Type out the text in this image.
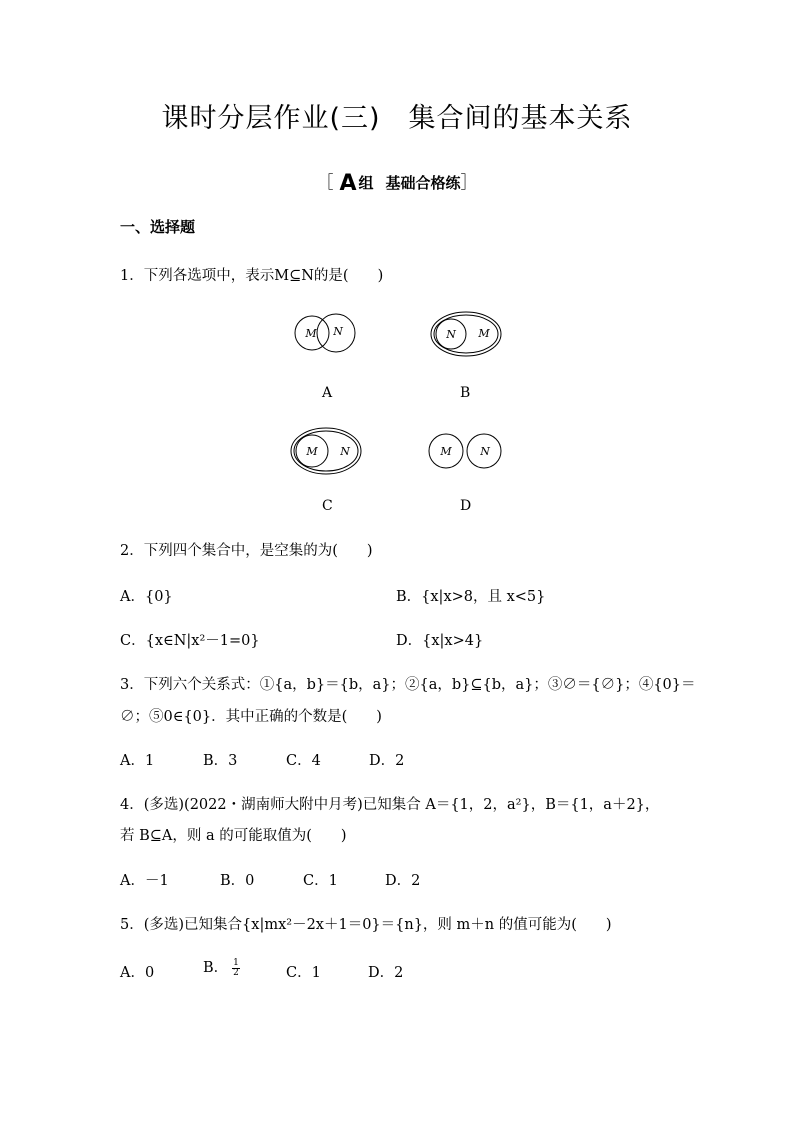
课时分层作业(三)　集合间的基本关系
［ A 组 基础合格练］
一、选择题
1．下列各选项中，表示M⊆N的是(　　)
M N
A
N M
B
M N
C
M	N
D
2．下列四个集合中，是空集的为(　　)
A．{0}	B．{x|x>8，且 x<5}
C．{x∈N|x²－1=0}	D．{x|x>4}
3．下列六个关系式：①{a，b}＝{b，a}；②{a，b}⊆{b，a}；③∅＝{∅}；④{0}＝
∅；⑤0∈{0}．其中正确的个数是(　　)
A．1	B．3	C．4	D．2
4．(多选)(2022・湖南师大附中月考)已知集合 A＝{1，2，a²}，B＝{1，a＋2}，
若 B⊆A，则 a 的可能取值为(　　)
A．－1	B．0	C．1	D．2
5．(多选)已知集合{x|mx²－2x＋1＝0}＝{n}，则 m＋n 的值可能为(　　)
A．0	B． $\frac{1}{2}$	C．1	D．2
